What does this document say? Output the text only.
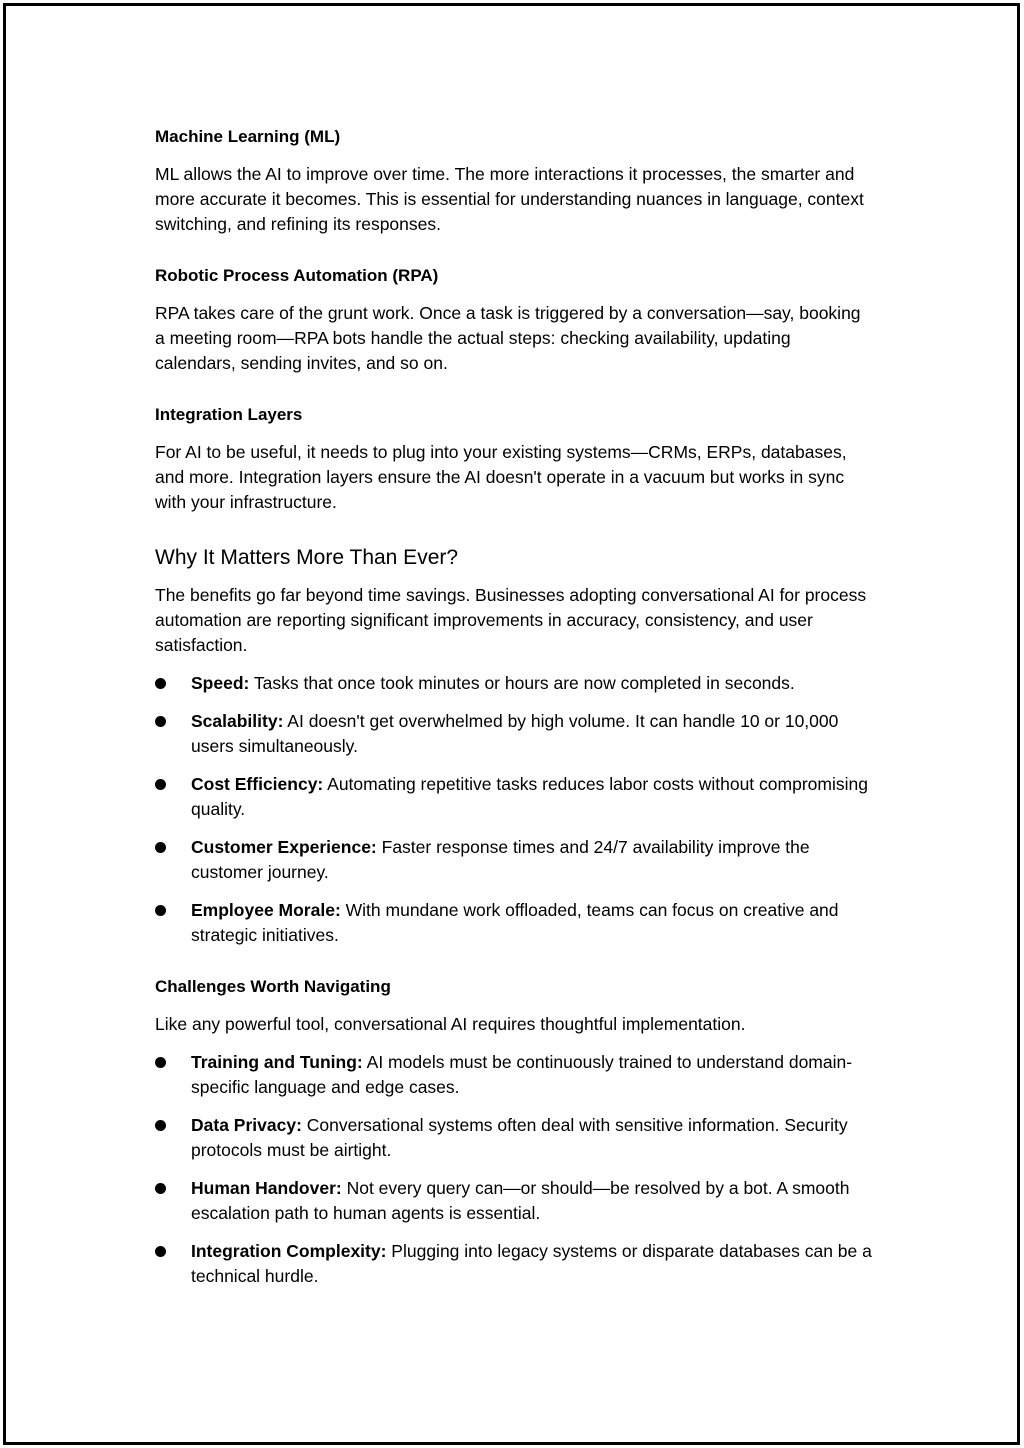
Machine Learning (ML)

ML allows the AI to improve over time. The more interactions it processes, the smarter and more accurate it becomes. This is essential for understanding nuances in language, context switching, and refining its responses.

Robotic Process Automation (RPA)

RPA takes care of the grunt work. Once a task is triggered by a conversation—say, booking a meeting room—RPA bots handle the actual steps: checking availability, updating calendars, sending invites, and so on.

Integration Layers

For AI to be useful, it needs to plug into your existing systems—CRMs, ERPs, databases, and more. Integration layers ensure the AI doesn't operate in a vacuum but works in sync with your infrastructure.

Why It Matters More Than Ever?

The benefits go far beyond time savings. Businesses adopting conversational AI for process automation are reporting significant improvements in accuracy, consistency, and user satisfaction.

Speed: Tasks that once took minutes or hours are now completed in seconds.
Scalability: AI doesn't get overwhelmed by high volume. It can handle 10 or 10,000 users simultaneously.
Cost Efficiency: Automating repetitive tasks reduces labor costs without compromising quality.
Customer Experience: Faster response times and 24/7 availability improve the customer journey.
Employee Morale: With mundane work offloaded, teams can focus on creative and strategic initiatives.
Challenges Worth Navigating

Like any powerful tool, conversational AI requires thoughtful implementation.

Training and Tuning: AI models must be continuously trained to understand domain-specific language and edge cases.
Data Privacy: Conversational systems often deal with sensitive information. Security protocols must be airtight.
Human Handover: Not every query can—or should—be resolved by a bot. A smooth escalation path to human agents is essential.
Integration Complexity: Plugging into legacy systems or disparate databases can be a technical hurdle.
